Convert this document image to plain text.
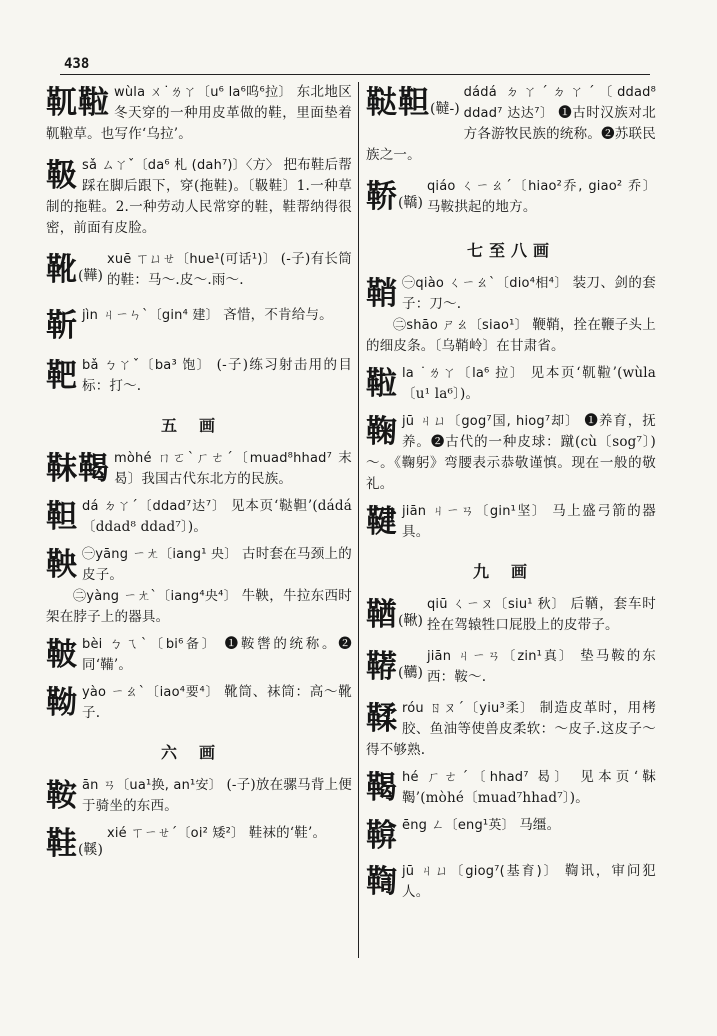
438
靰鞡 wùla ㄨ˙ㄌㄚ〔u⁶ la⁶呜⁶拉〕 东北地区冬天穿的一种用皮革做的鞋，里面垫着靰鞡草。也写作‘乌拉’。
靸 sǎ ㄙㄚˇ〔da⁶ 札 (dah⁷)〕〈方〉 把布鞋后帮踩在脚后跟下，穿(拖鞋)。〔靸鞋〕1.一种草制的拖鞋。2.一种劳动人民常穿的鞋，鞋帮纳得很密，前面有皮脸。
靴(鞾)
xuē ㄒㄩㄝ〔hue¹(可话¹)〕 (-子)有长筒的鞋：马～.皮～.雨～.
靳 jìn ㄐㄧㄣˋ〔gin⁴ 建〕 吝惜，不肯给与。
靶 bǎ ㄅㄚˇ〔ba³ 饱〕 (-子)练习射击用的目标：打～.
五画
靺鞨 mòhé ㄇㄛˋㄏㄜˊ〔muad⁸hhad⁷ 末曷〕我国古代东北方的民族。
靼 dá ㄉㄚˊ〔ddad⁷达⁷〕 见本页‘鞑靼’(dádá〔ddad⁸ ddad⁷〕)。
鞅 ㊀yāng ㄧㄤ〔iang¹ 央〕 古时套在马颈上的皮子。
㊁yàng ㄧㄤˋ〔iang⁴央⁴〕 牛鞅，牛拉东西时架在脖子上的器具。
鞁 bèi ㄅㄟˋ〔bi⁶备〕 ❶鞍辔的统称。❷同‘鞴’。
靿 yào ㄧㄠˋ〔iao⁴要⁴〕 靴筒、袜筒：高～靴子.
六画
鞍 ān ㄢ〔ua¹换, an¹安〕 (-子)放在骡马背上便于骑坐的东西。
鞋(鞵)
xié ㄒㄧㄝˊ〔oi² 矮²〕 鞋袜的‘鞋’。
鞑靼(韃-)
dádá ㄉㄚˊㄉㄚˊ〔ddad⁸ ddad⁷ 达达⁷〕 ❶古时汉族对北方各游牧民族的统称。❷苏联民族之一。
鞒(鞽)
qiáo ㄑㄧㄠˊ〔hiao²乔, giao² 乔〕 马鞍拱起的地方。
七至八画
鞘 ㊀qiào ㄑㄧㄠˋ〔dio⁴相⁴〕 装刀、剑的套子：刀～.
㊁shāo ㄕㄠ〔siao¹〕 鞭鞘，拴在鞭子头上的细皮条。〔乌鞘岭〕在甘肃省。
鞡 la ˙ㄌㄚ〔la⁶ 拉〕 见本页‘靰鞡’(wùla〔u¹ la⁶〕)。
鞠 jū ㄐㄩ〔gog⁷国, hiog⁷却〕 ❶养育，抚养。❷古代的一种皮球：蹴(cù〔sog⁷〕)～。《鞠躬》弯腰表示恭敬谨慎。现在一般的敬礼。
鞬 jiān ㄐㄧㄢ〔gin¹坚〕 马上盛弓箭的器具。
九画
鞧(鞦)
qiū ㄑㄧㄡ〔siu¹ 秋〕 后鞧，套车时拴在驾辕牲口屁股上的皮带子。
鞯(韉)
jiān ㄐㄧㄢ〔zin¹真〕 垫马鞍的东西：鞍～.
鞣 róu ㄖㄡˊ〔yiu³柔〕 制造皮革时，用栲胶、鱼油等使兽皮柔软：～皮子.这皮子～得不够熟.
鞨 hé ㄏㄜˊ〔hhad⁷ 曷〕 见本页‘靺鞨’(mòhé〔muad⁷hhad⁷〕)。
鞥 ēng ㄥ〔eng¹英〕 马缰。
鞫 jū ㄐㄩ〔giog⁷(基育)〕 鞫讯，审问犯人。
